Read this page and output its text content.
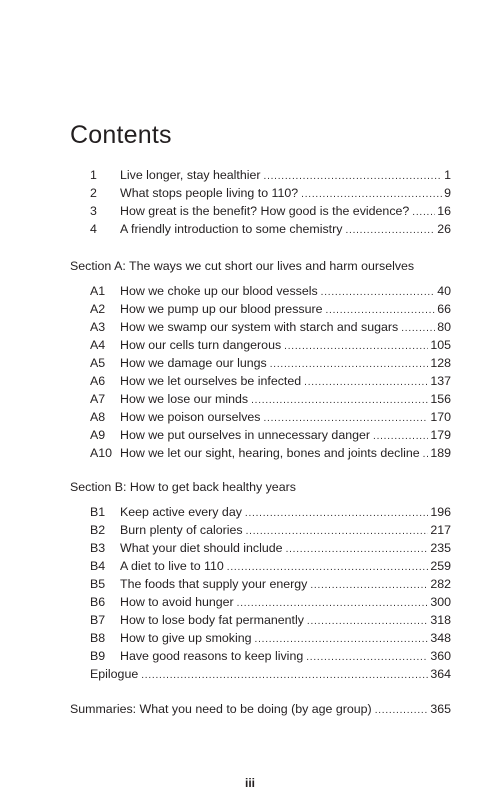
Contents
1	Live longer, stay healthier . . .	1
2	What stops people living to 110? . . .	9
3	How great is the benefit? How good is the evidence? . . . 16
4	A friendly introduction to some chemistry . . .	26
Section A: The ways we cut short our lives and harm ourselves
A1	How we choke up our blood vessels . . .	40
A2	How we pump up our blood pressure . . .	66
A3	How we swamp our system with starch and sugars . . .	80
A4	How our cells turn dangerous . . .	105
A5	How we damage our lungs . . .	128
A6	How we let ourselves be infected . . .	137
A7	How we lose our minds . . .	156
A8	How we poison ourselves . . .	170
A9	How we put ourselves in unnecessary danger . . .	179
A10 How we let our sight, hearing, bones and joints decline . . . 189
Section B: How to get back healthy years
B1	Keep active every day . . .	196
B2	Burn plenty of calories . . .	217
B3	What your diet should include . . .	235
B4	A diet to live to 110 . . .	259
B5	The foods that supply your energy . . .	282
B6	How to avoid hunger . . .	300
B7	How to lose body fat permanently . . .	318
B8	How to give up smoking . . .	348
B9	Have good reasons to keep living . . .	360
Epilogue . . .	364
Summaries: What you need to be doing (by age group) . . .	365
iii
